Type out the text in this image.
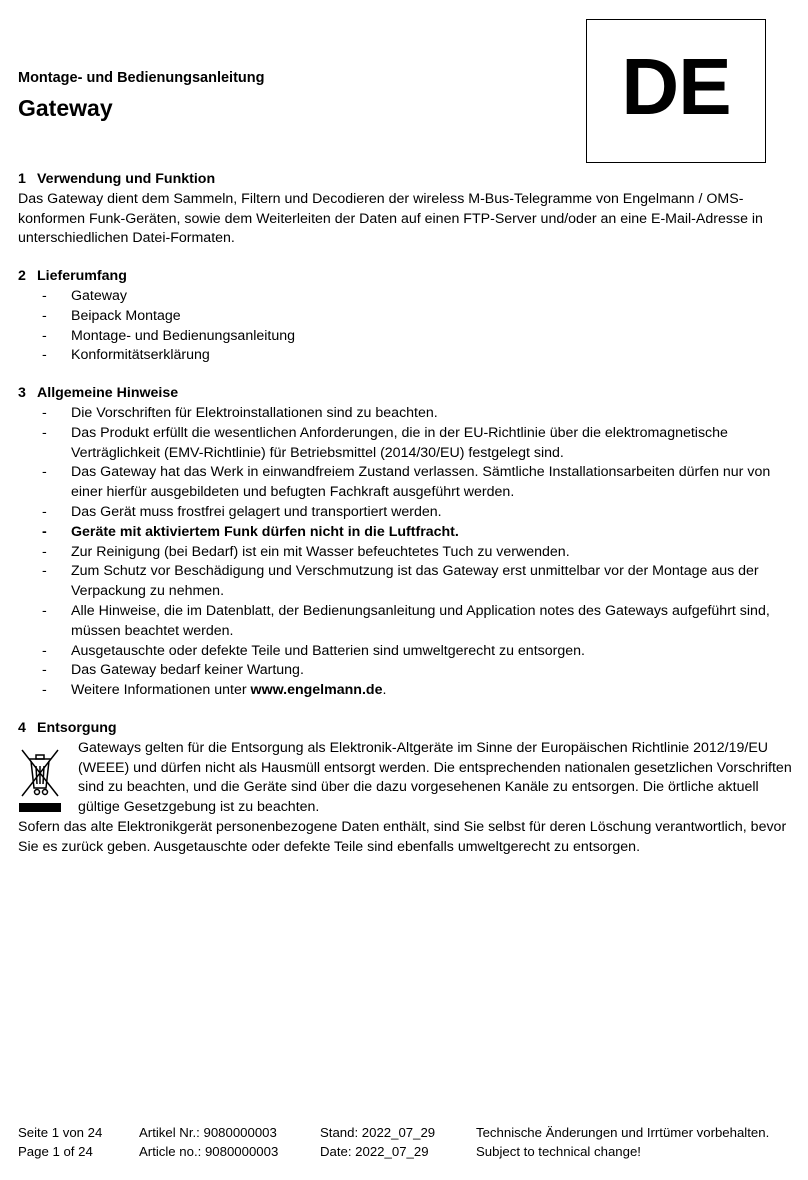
Montage- und Bedienungsanleitung
Gateway	DE
1 Verwendung und Funktion

Das Gateway dient dem Sammeln, Filtern und Decodieren der wireless M-Bus-Telegramme von Engelmann / OMS-konformen Funk-Geräten, sowie dem Weiterleiten der Daten auf einen FTP-Server und/oder an eine E-Mail-Adresse in unterschiedlichen Datei-Formaten.

2 Lieferumfang
- Gateway
- Beipack Montage
- Montage- und Bedienungsanleitung
- Konformitätserklärung
3 Allgemeine Hinweise
- Die Vorschriften für Elektroinstallationen sind zu beachten.
- Das Produkt erfüllt die wesentlichen Anforderungen, die in der EU-Richtlinie über die elektromagnetische Verträglichkeit (EMV-Richtlinie) für Betriebsmittel (2014/30/EU) festgelegt sind.
- Das Gateway hat das Werk in einwandfreiem Zustand verlassen. Sämtliche Installationsarbeiten dürfen nur von einer hierfür ausgebildeten und befugten Fachkraft ausgeführt werden.
- Das Gerät muss frostfrei gelagert und transportiert werden.
- Geräte mit aktiviertem Funk dürfen nicht in die Luftfracht.
- Zur Reinigung (bei Bedarf) ist ein mit Wasser befeuchtetes Tuch zu verwenden.
- Zum Schutz vor Beschädigung und Verschmutzung ist das Gateway erst unmittelbar vor der Montage aus der Verpackung zu nehmen.
- Alle Hinweise, die im Datenblatt, der Bedienungsanleitung und Application notes des Gateways aufgeführt sind, müssen beachtet werden.
- Ausgetauschte oder defekte Teile und Batterien sind umweltgerecht zu entsorgen.
- Das Gateway bedarf keiner Wartung.
- Weitere Informationen unter www.engelmann.de.
4 Entsorgung

Gateways gelten für die Entsorgung als Elektronik-Altgeräte im Sinne der Europäischen Richtlinie 2012/19/EU (WEEE) und dürfen nicht als Hausmüll entsorgt werden. Die entsprechenden nationalen gesetzlichen Vorschriften sind zu beachten, und die Geräte sind über die dazu vorgesehenen Kanäle zu entsorgen. Die örtliche aktuell gültige Gesetzgebung ist zu beachten.

Sofern das alte Elektronikgerät personenbezogene Daten enthält, sind Sie selbst für deren Löschung verantwortlich, bevor Sie es zurück geben. Ausgetauschte oder defekte Teile sind ebenfalls umweltgerecht zu entsorgen.

Seite 1 von 24	Artikel Nr.: 9080000003	Stand: 2022_07_29	Technische Änderungen und Irrtümer vorbehalten.
Page 1 of 24	Article no.: 9080000003	Date: 2022_07_29	Subject to technical change!
